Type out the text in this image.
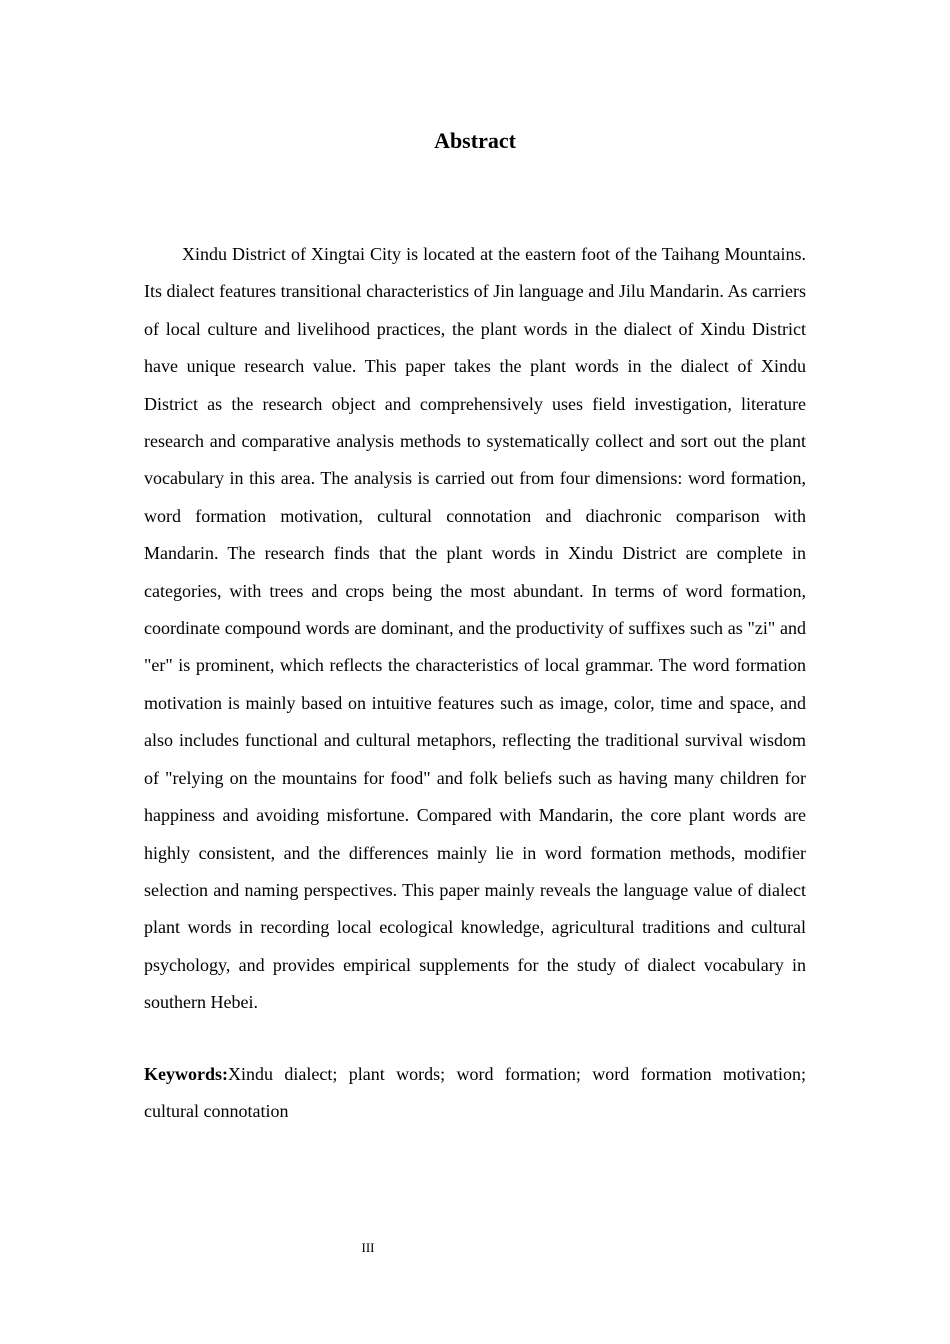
Abstract

Xindu District of Xingtai City is located at the eastern foot of the Taihang Mountains. Its dialect features transitional characteristics of Jin language and Jilu Mandarin. As carriers of local culture and livelihood practices, the plant words in the dialect of Xindu District have unique research value. This paper takes the plant words in the dialect of Xindu District as the research object and comprehensively uses field investigation, literature research and comparative analysis methods to systematically collect and sort out the plant vocabulary in this area. The analysis is carried out from four dimensions: word formation, word formation motivation, cultural connotation and diachronic comparison with Mandarin. The research finds that the plant words in Xindu District are complete in categories, with trees and crops being the most abundant. In terms of word formation, coordinate compound words are dominant, and the productivity of suffixes such as "zi" and "er" is prominent, which reflects the characteristics of local grammar. The word formation motivation is mainly based on intuitive features such as image, color, time and space, and also includes functional and cultural metaphors, reflecting the traditional survival wisdom of "relying on the mountains for food" and folk beliefs such as having many children for happiness and avoiding misfortune. Compared with Mandarin, the core plant words are highly consistent, and the differences mainly lie in word formation methods, modifier selection and naming perspectives. This paper mainly reveals the language value of dialect plant words in recording local ecological knowledge, agricultural traditions and cultural psychology, and provides empirical supplements for the study of dialect vocabulary in southern Hebei.

Keywords:Xindu dialect; plant words; word formation; word formation motivation; cultural connotation

III
